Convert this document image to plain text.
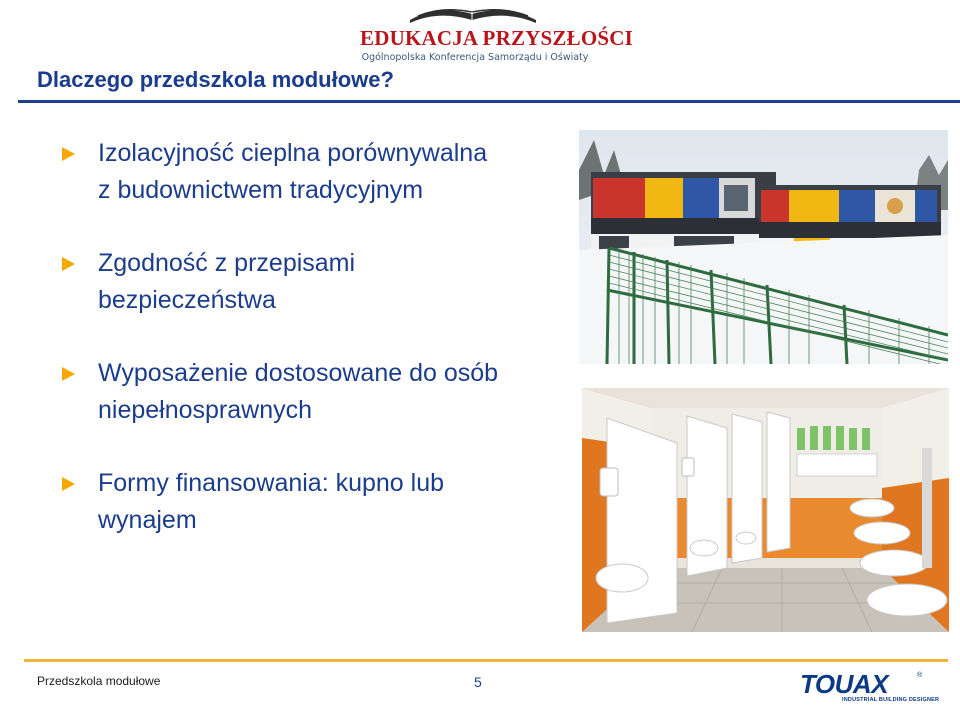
EDUKACJA PRZYSZŁOŚCI
Ogólnopolska Konferencja Samorządu i Oświaty
Dlaczego przedszkola modułowe?
Izolacyjność cieplna porównywalna
z budownictwem tradycyjnym
Zgodność z przepisami
bezpieczeństwa
Wyposażenie dostosowane do osób
niepełnosprawnych
Formy finansowania: kupno lub
wynajem
Przedszkola modułowe	5	TOUAX	®
INDUSTRIAL BUILDING DESIGNER
